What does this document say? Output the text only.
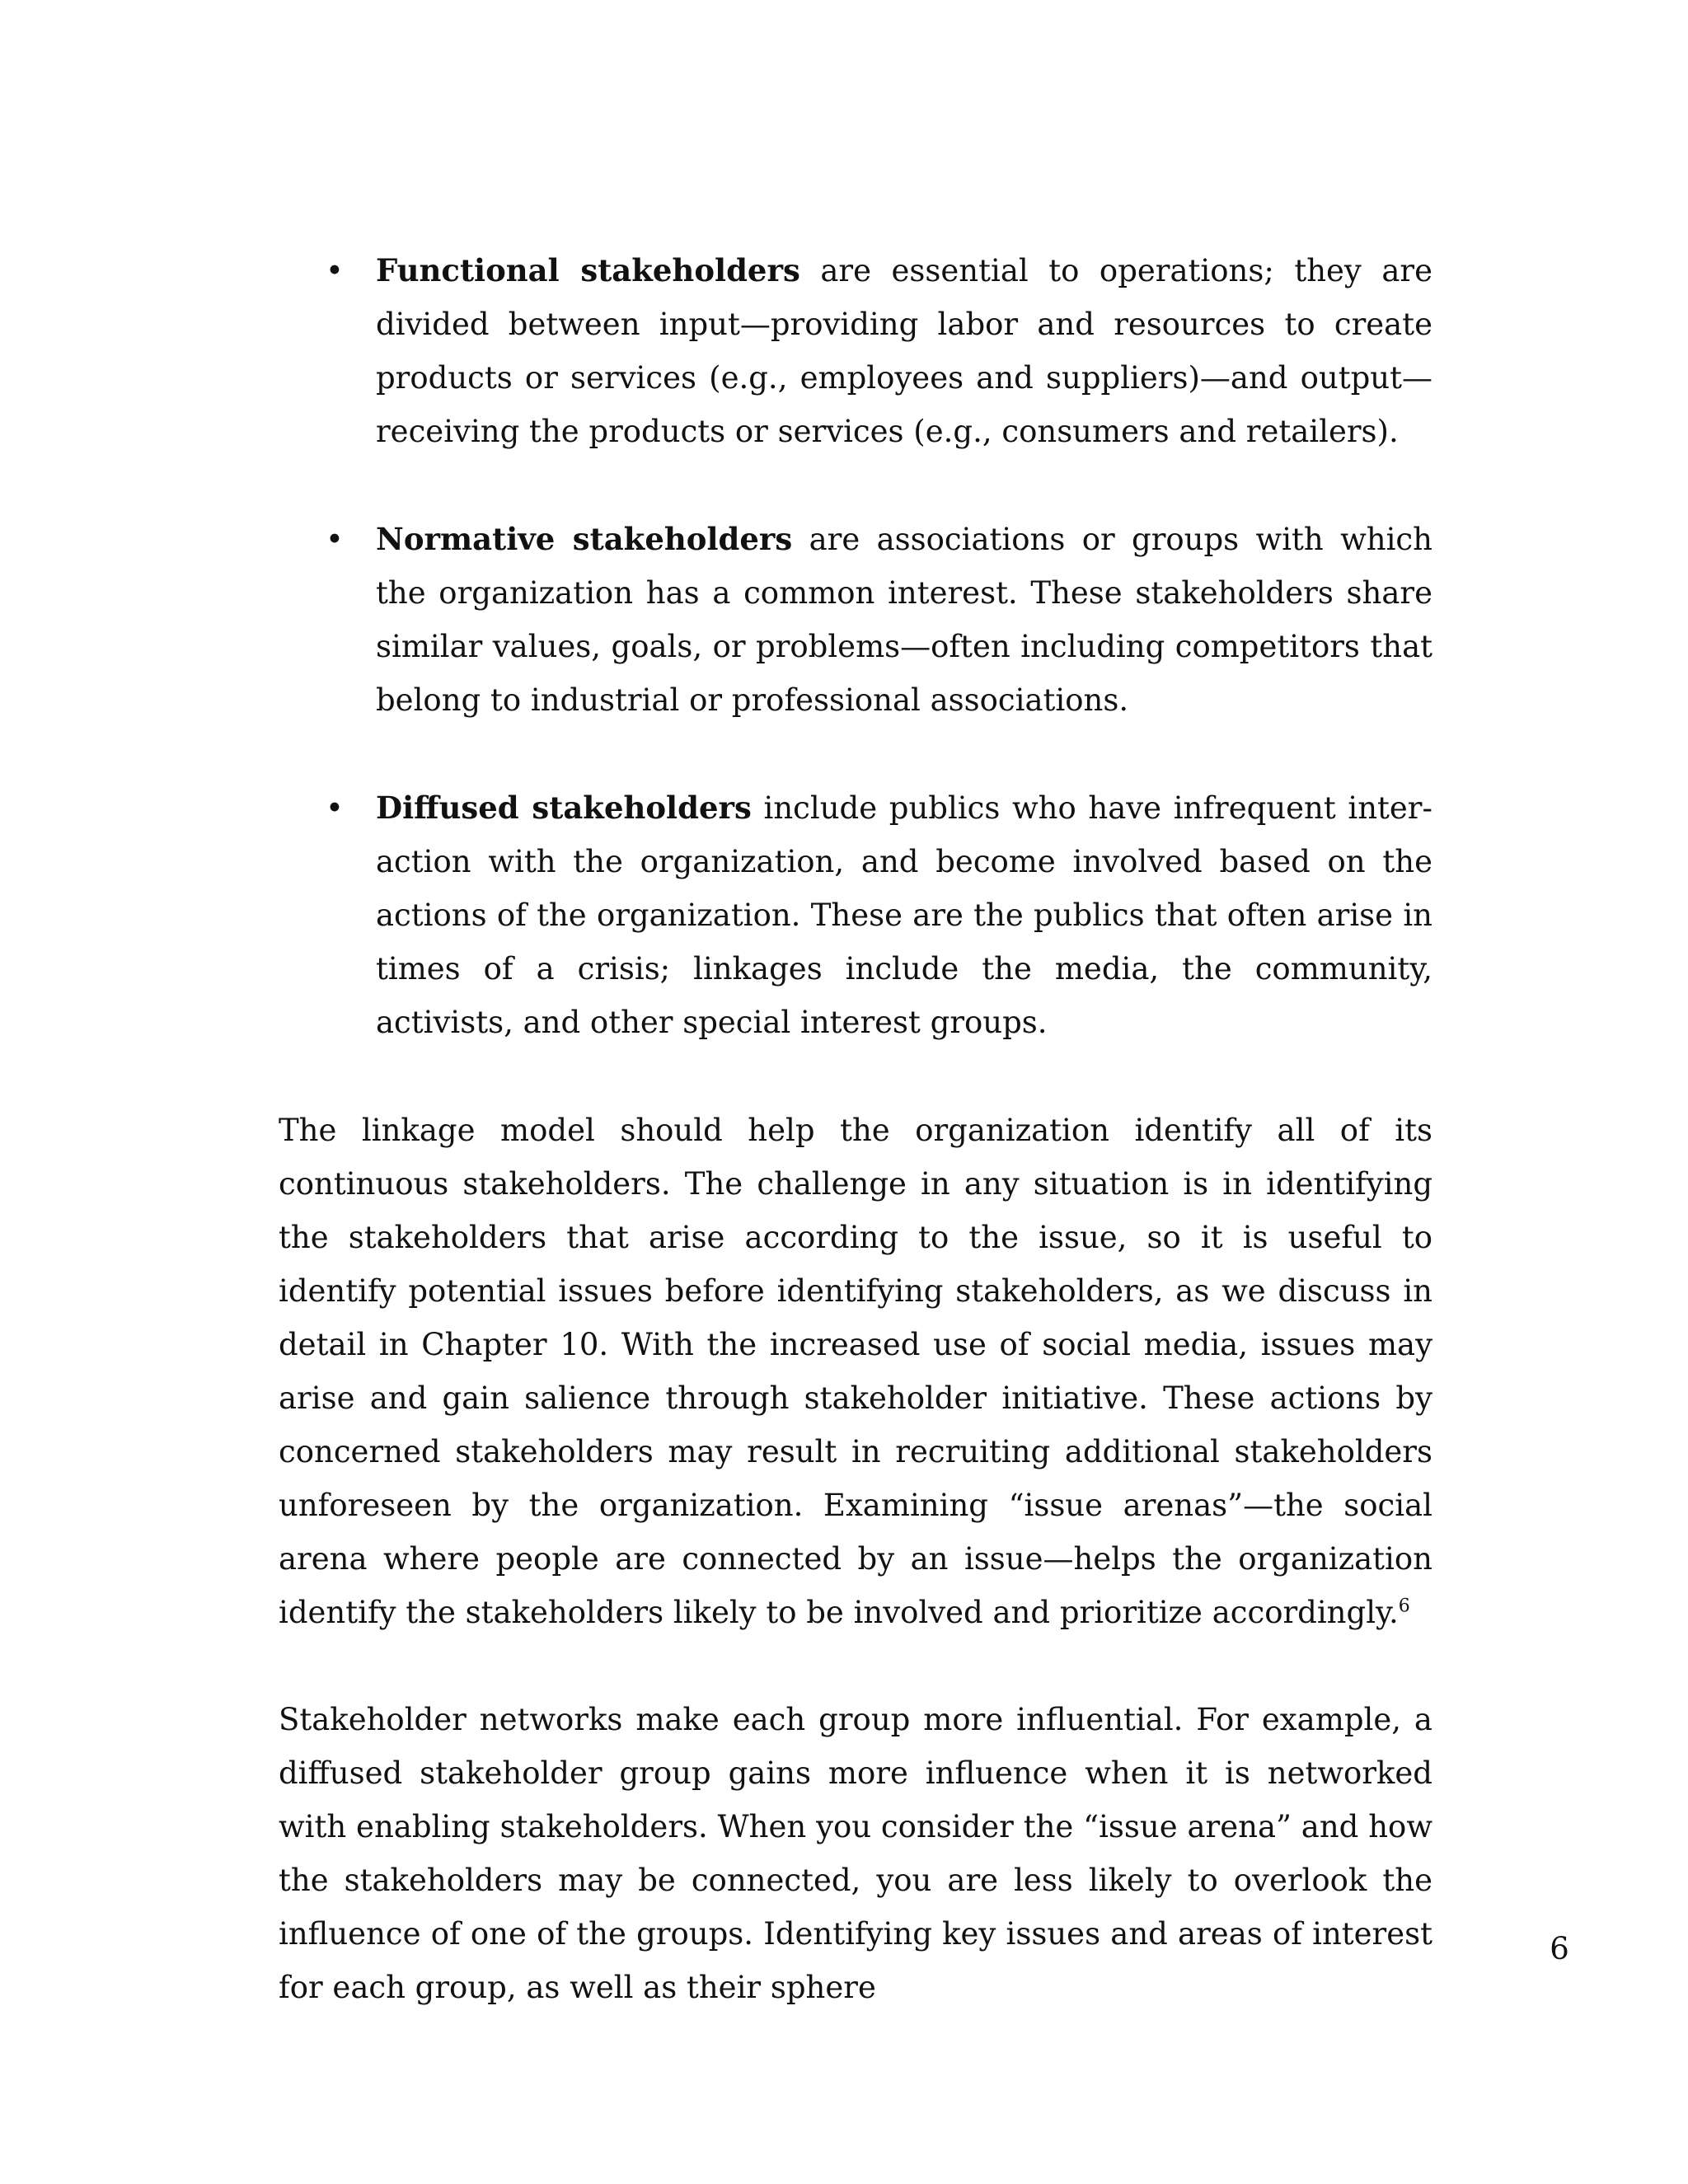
• Functional stakeholders are essential to operations; they are divided between input—providing labor and resources to create products or services (e.g., employees and suppliers)—and output— receiving the products or services (e.g., consumers and retailers).
• Normative stakeholders are associations or groups with which the organization has a common interest. These stakeholders share similar values, goals, or problems—often including competitors that belong to industrial or professional associations.
• Diffused stakeholders include publics who have infrequent inter-action with the organization, and become involved based on the actions of the organization. These are the publics that often arise in times of a crisis; linkages include the media, the community, activists, and other special interest groups.

The linkage model should help the organization identify all of its continuous stakeholders. The challenge in any situation is in identifying the stakeholders that arise according to the issue, so it is useful to identify potential issues before identifying stakeholders, as we discuss in detail in Chapter 10. With the increased use of social media, issues may arise and gain salience through stakeholder initiative. These actions by concerned stakeholders may result in recruiting additional stakeholders unforeseen by the organization. Examining “issue arenas”—the social arena where people are connected by an issue—helps the organization identify the stakeholders likely to be involved and prioritize accordingly.$^6$

Stakeholder networks make each group more influential. For example, a diffused stakeholder group gains more influence when it is networked with enabling stakeholders. When you consider the “issue arena” and how the stakeholders may be connected, you are less likely to overlook the influence of one of the groups. Identifying key issues and areas of interest for each group, as well as their sphere

6
